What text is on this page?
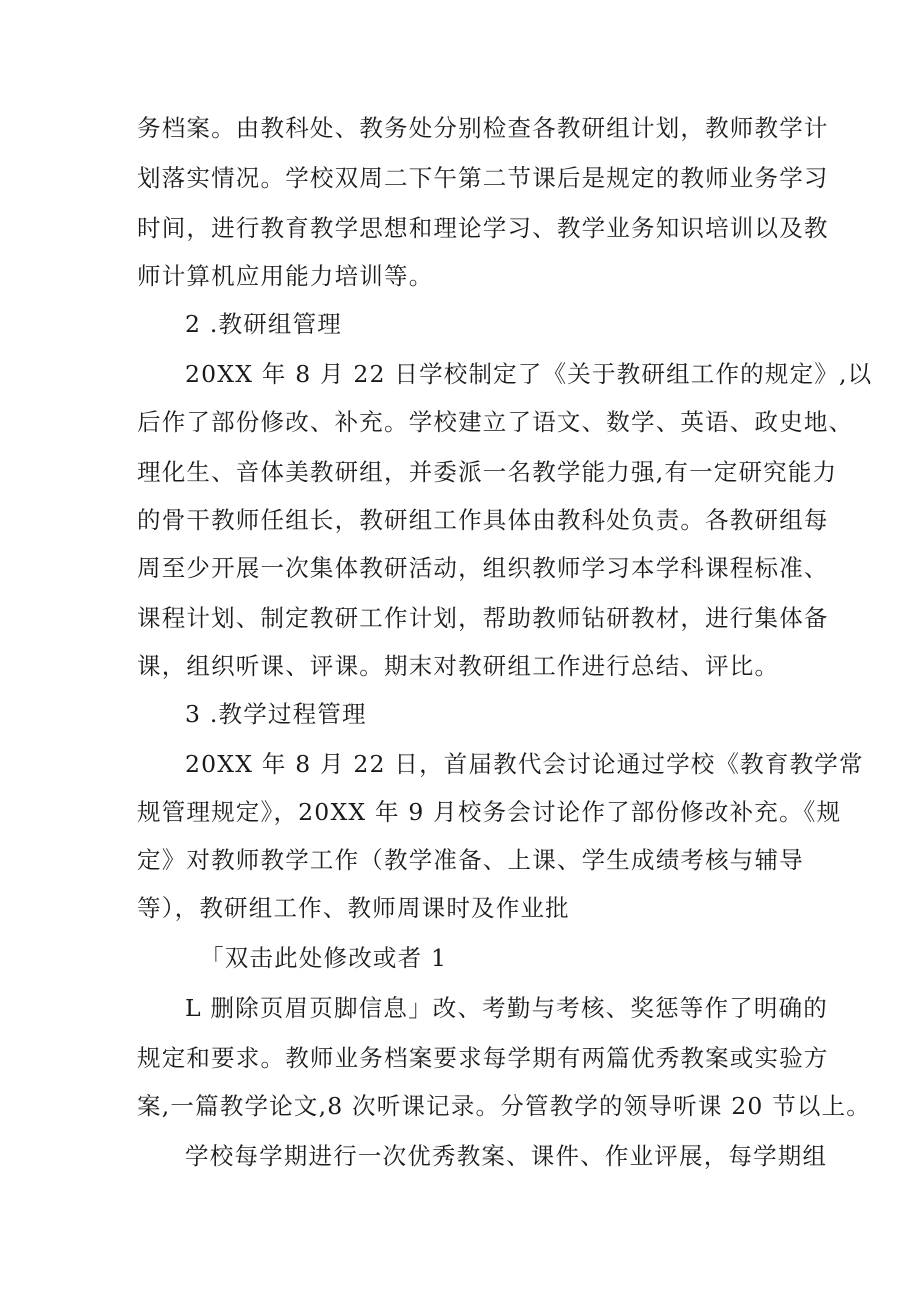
务档案。由教科处、教务处分别检查各教研组计划，教师教学计
划落实情况。学校双周二下午第二节课后是规定的教师业务学习
时间，进行教育教学思想和理论学习、教学业务知识培训以及教
师计算机应用能力培训等。
2 .教研组管理
20XX 年 8 月 22 日学校制定了《关于教研组工作的规定》,以
后作了部份修改、补充。学校建立了语文、数学、英语、政史地、
理化生、音体美教研组，并委派一名教学能力强,有一定研究能力
的骨干教师任组长，教研组工作具体由教科处负责。各教研组每
周至少开展一次集体教研活动，组织教师学习本学科课程标准、
课程计划、制定教研工作计划，帮助教师钻研教材，进行集体备
课，组织听课、评课。期末对教研组工作进行总结、评比。
3 .教学过程管理
20XX 年 8 月 22 日，首届教代会讨论通过学校《教育教学常
规管理规定》，20XX 年 9 月校务会讨论作了部份修改补充。《规
定》对教师教学工作（教学准备、上课、学生成绩考核与辅导
等），教研组工作、教师周课时及作业批
「双击此处修改或者 1
L 删除页眉页脚信息」改、考勤与考核、奖惩等作了明确的
规定和要求。教师业务档案要求每学期有两篇优秀教案或实验方
案,一篇教学论文,8 次听课记录。分管教学的领导听课 20 节以上。
学校每学期进行一次优秀教案、课件、作业评展，每学期组
